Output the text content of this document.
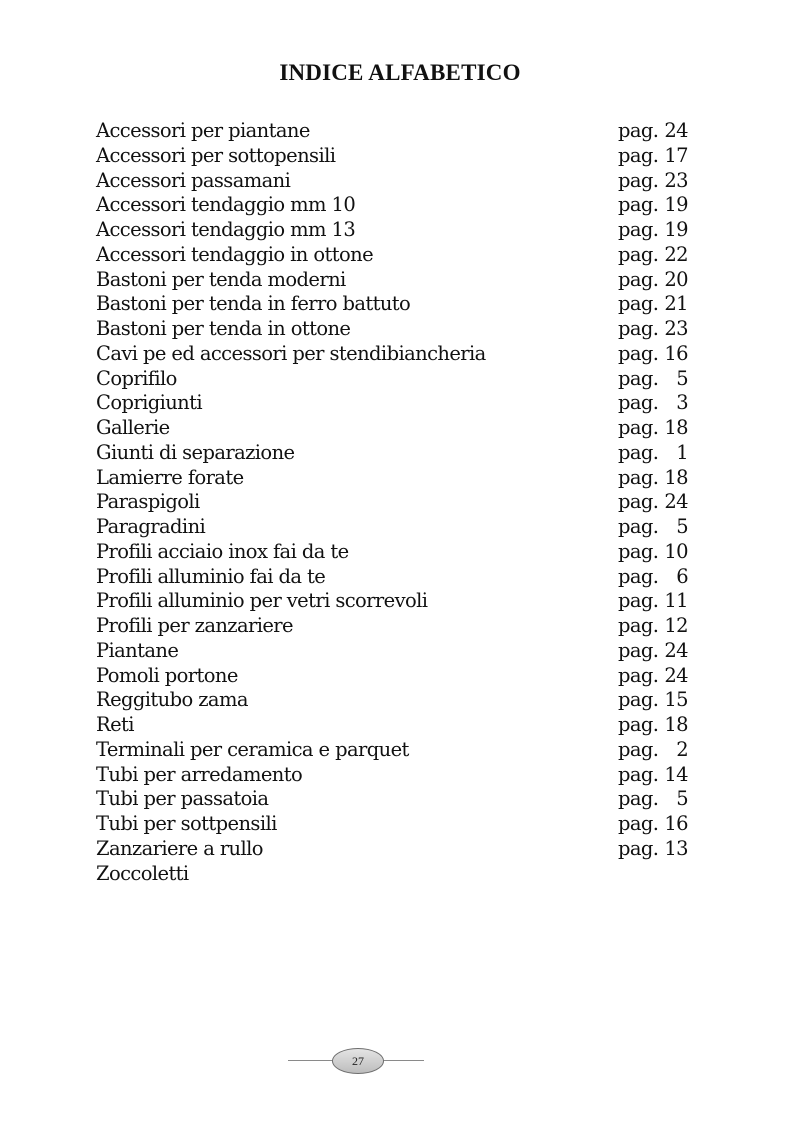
INDICE ALFABETICO
Accessori per piantane	pag. 24
Accessori per sottopensili	pag. 17
Accessori passamani	pag. 23
Accessori tendaggio mm 10	pag. 19
Accessori tendaggio mm 13	pag. 19
Accessori tendaggio in ottone	pag. 22
Bastoni per tenda moderni	pag. 20
Bastoni per tenda in ferro battuto	pag. 21
Bastoni per tenda in ottone	pag. 23
Cavi pe ed accessori per stendibiancheria	pag. 16
Coprifilo	pag. 5
Coprigiunti	pag. 3
Gallerie	pag. 18
Giunti di separazione	pag. 1
Lamierre forate	pag. 18
Paraspigoli	pag. 24
Paragradini	pag. 5
Profili acciaio inox fai da te	pag. 10
Profili alluminio fai da te	pag. 6
Profili alluminio per vetri scorrevoli	pag. 11
Profili per zanzariere	pag. 12
Piantane	pag. 24
Pomoli portone	pag. 24
Reggitubo zama	pag. 15
Reti	pag. 18
Terminali per ceramica e parquet	pag. 2
Tubi per arredamento	pag. 14
Tubi per passatoia	pag. 5
Tubi per sottpensili	pag. 16
Zanzariere a rullo	pag. 13
Zoccoletti
27
